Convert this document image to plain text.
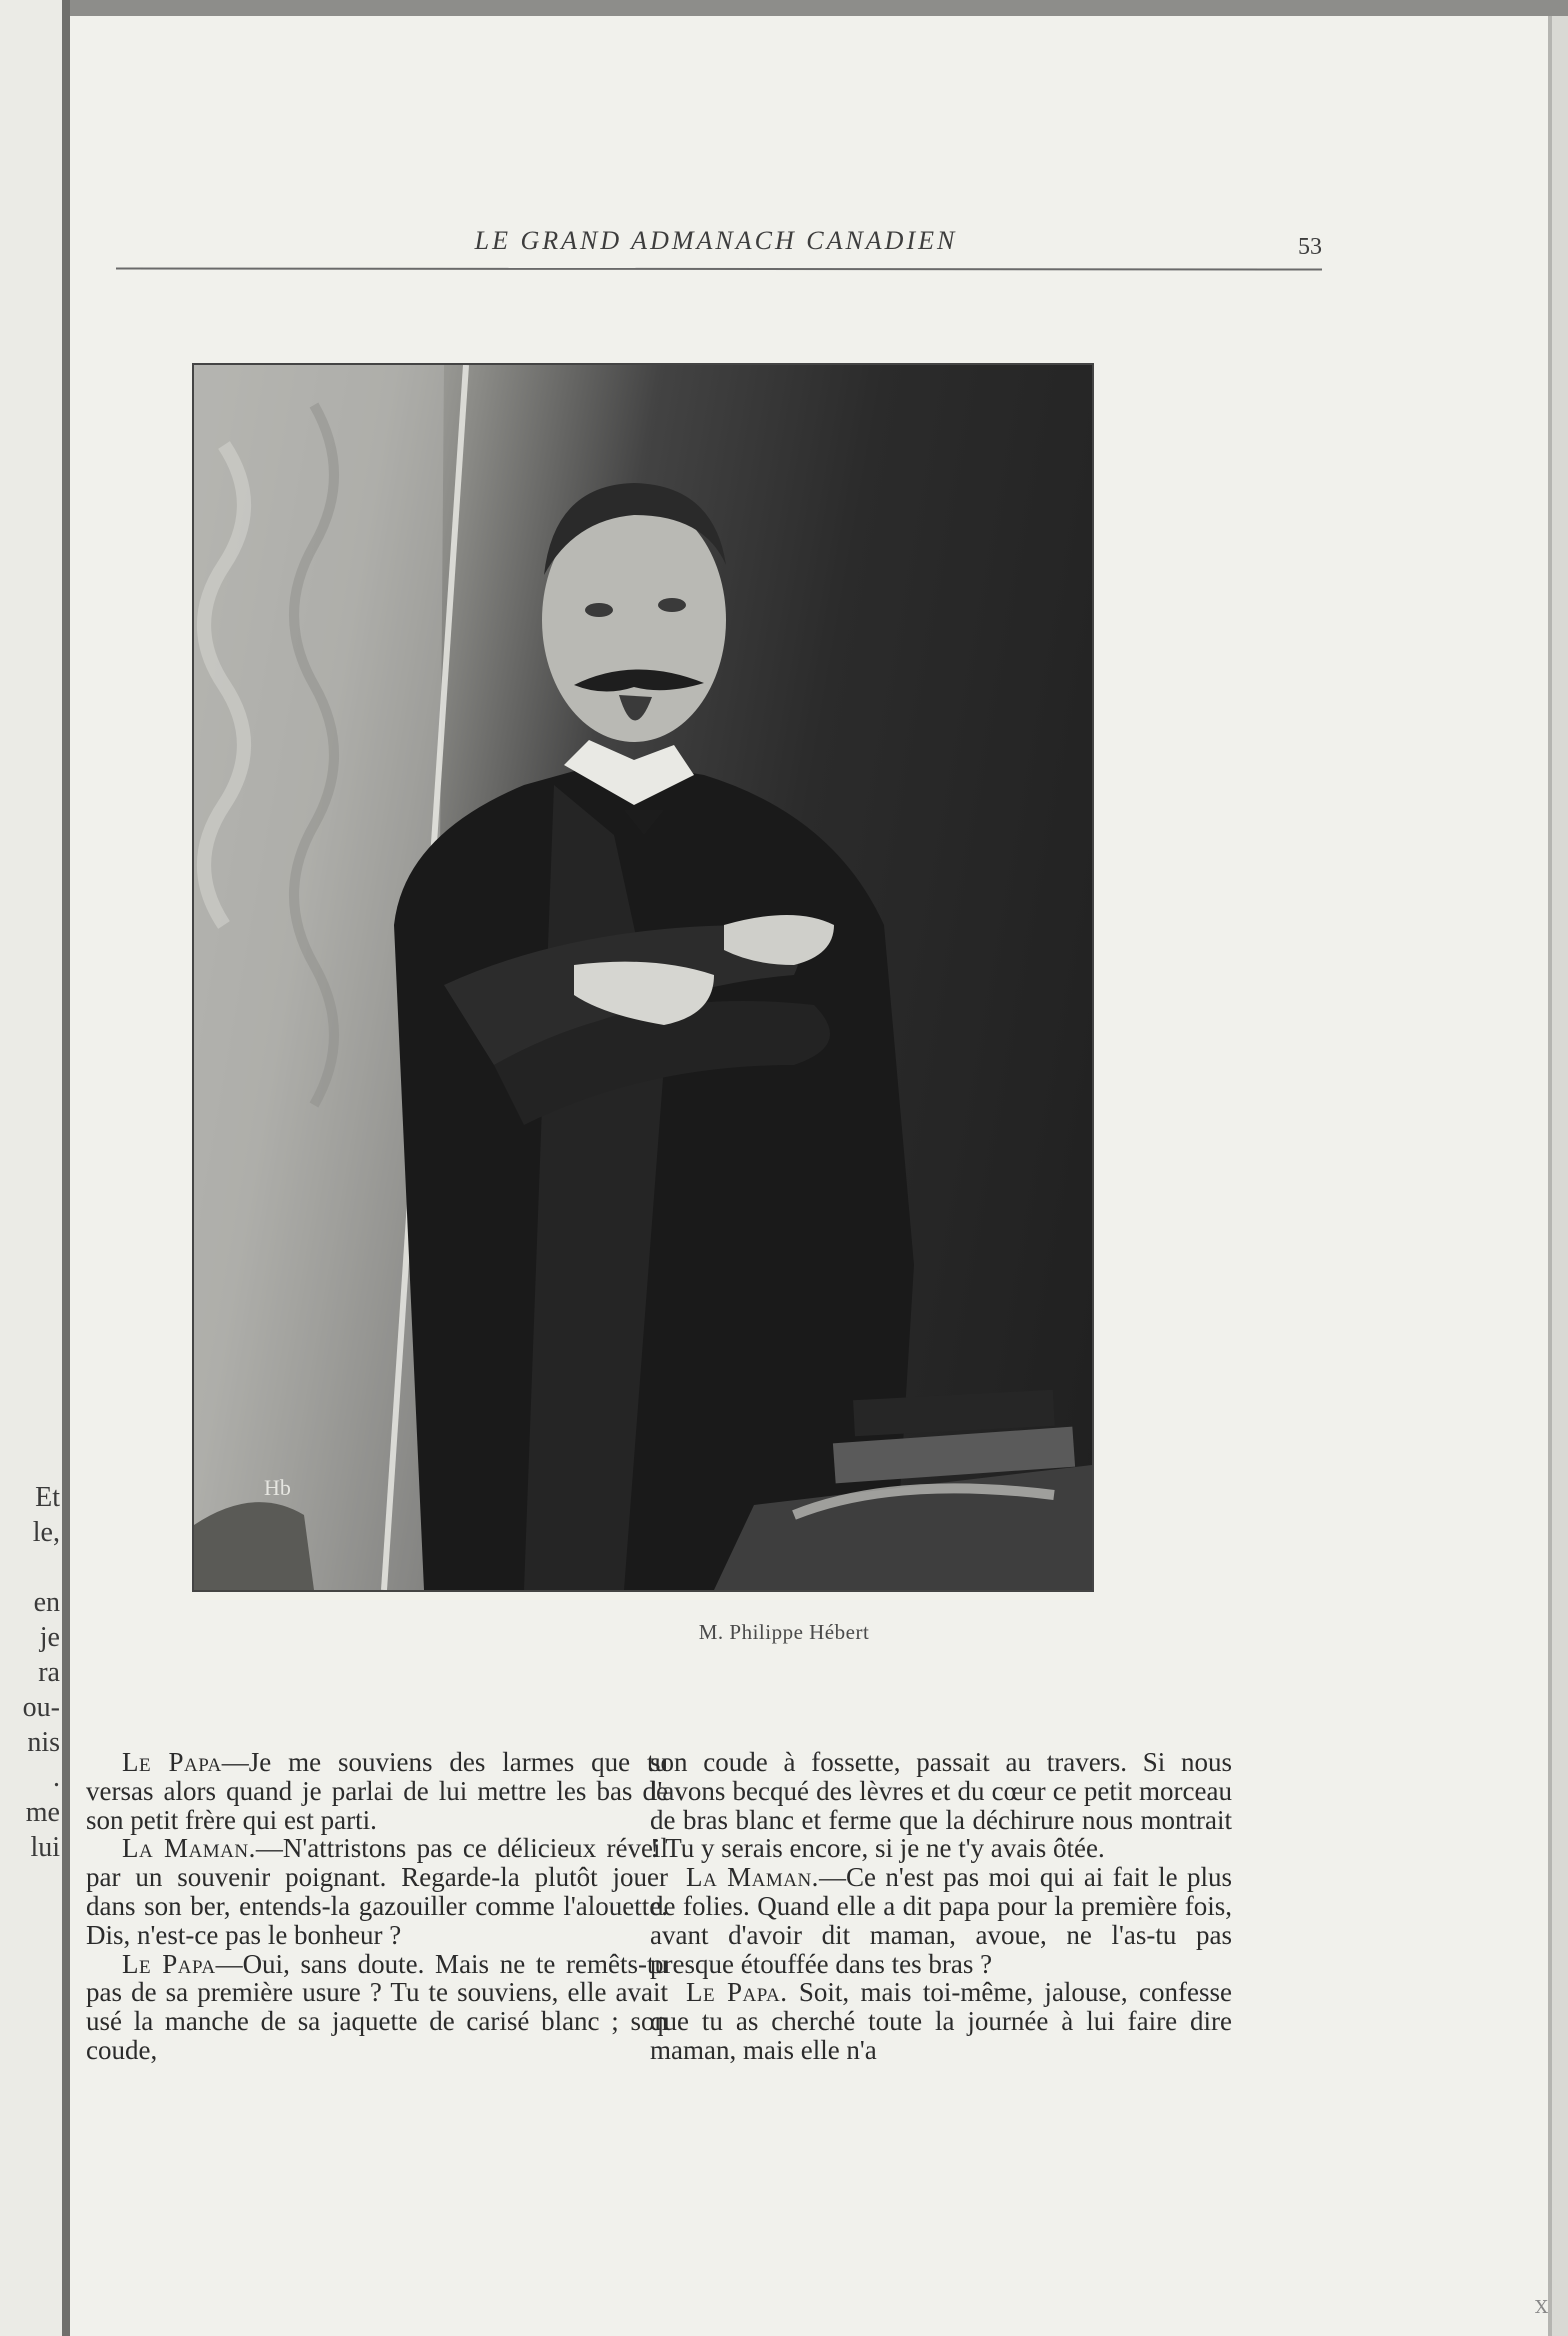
Et
le,
en
je
ra
ou-
nis
.
me
lui
LE GRAND ADMANACH CANADIEN	53
Hb
M. Philippe Hébert

Le Papa—Je me souviens des larmes que tu versas alors quand je parlai de lui mettre les bas de son petit frère qui est parti.

La Maman.—N'attristons pas ce délicieux réveil par un souvenir poignant. Regarde-la plutôt jouer dans son ber, entends-la gazouiller comme l'alouette. Dis, n'est-ce pas le bonheur ?

Le Papa—Oui, sans doute. Mais ne te remêts-tu pas de sa première usure ? Tu te souviens, elle avait usé la manche de sa jaquette de carisé blanc ; son coude,

son coude à fossette, passait au travers. Si nous l'avons becqué des lèvres et du cœur ce petit morceau de bras blanc et ferme que la déchirure nous montrait ! Tu y serais encore, si je ne t'y avais ôtée.

La Maman.—Ce n'est pas moi qui ai fait le plus de folies. Quand elle a dit papa pour la première fois, avant d'avoir dit maman, avoue, ne l'as-tu pas presque étouffée dans tes bras ?

Le Papa. Soit, mais toi-même, jalouse, confesse que tu as cherché toute la journée à lui faire dire maman, mais elle n'a

X
